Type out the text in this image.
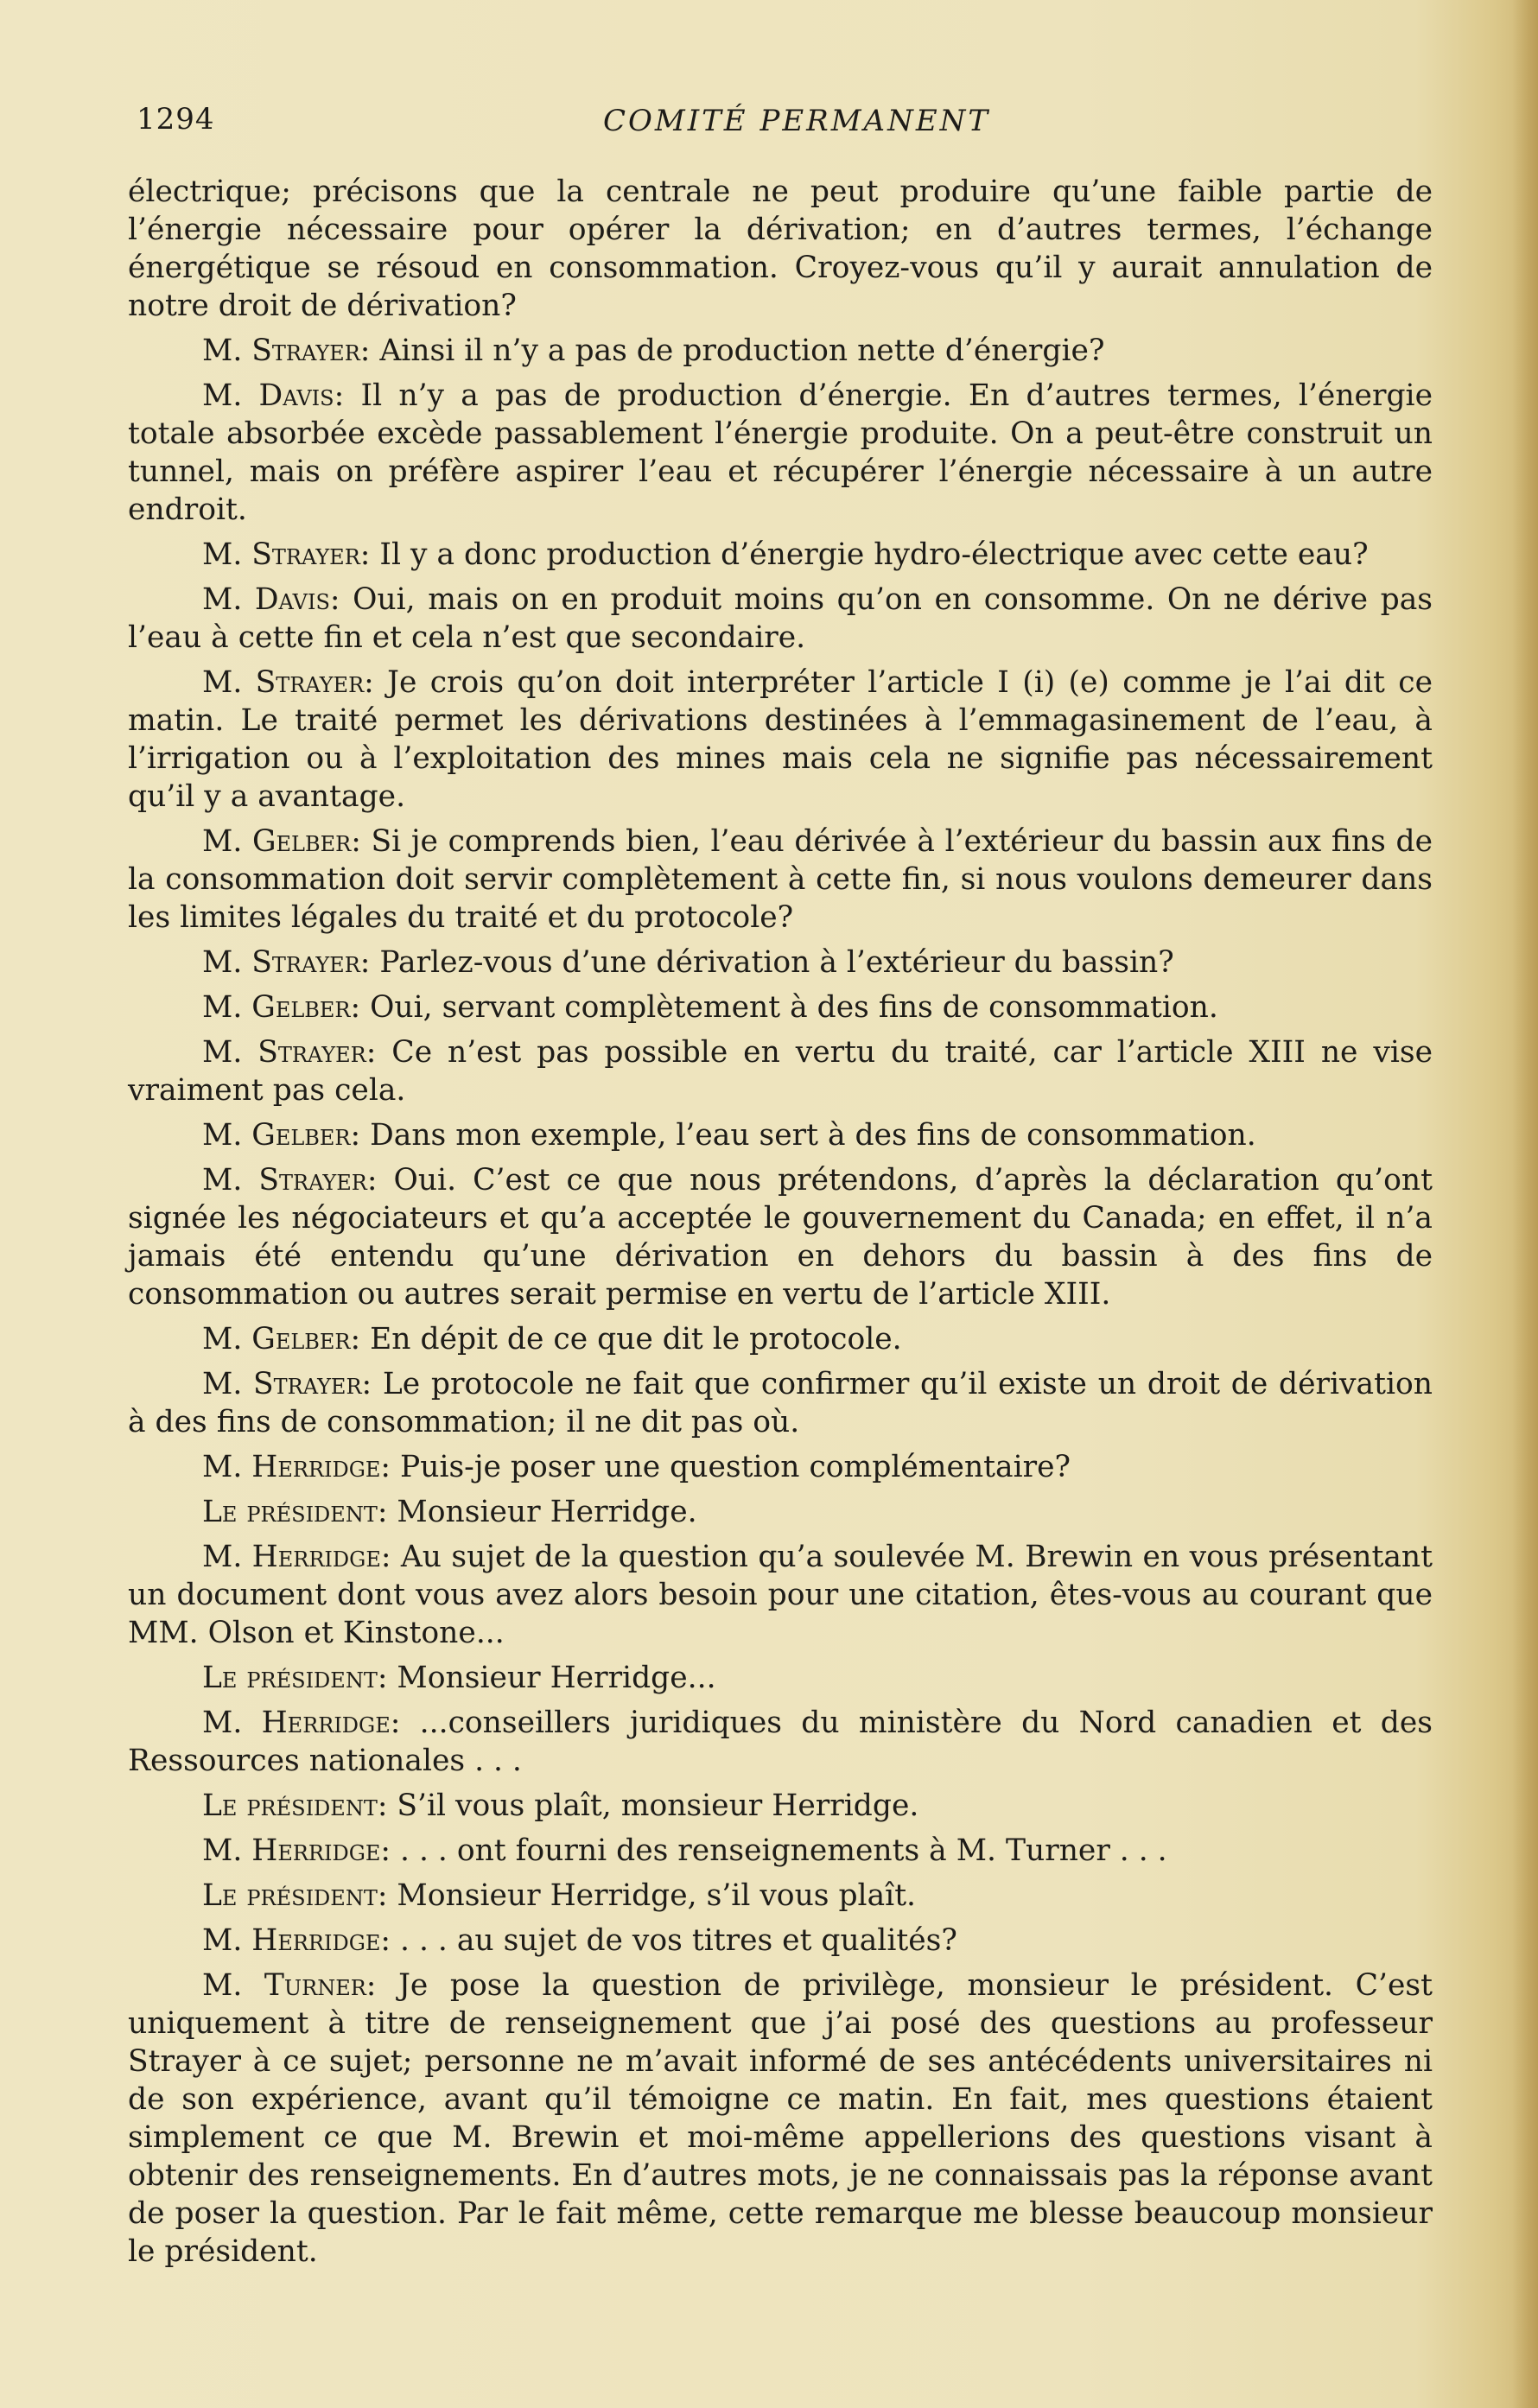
1294	COMITÉ PERMANENT

électrique; précisons que la centrale ne peut produire qu’une faible partie de l’énergie nécessaire pour opérer la dérivation; en d’autres termes, l’échange énergétique se résoud en consommation. Croyez-vous qu’il y aurait annulation de notre droit de dérivation?

M. Strayer: Ainsi il n’y a pas de production nette d’énergie?

M. Davis: Il n’y a pas de production d’énergie. En d’autres termes, l’énergie totale absorbée excède passablement l’énergie produite. On a peut-être construit un tunnel, mais on préfère aspirer l’eau et récupérer l’énergie nécessaire à un autre endroit.

M. Strayer: Il y a donc production d’énergie hydro-électrique avec cette eau?

M. Davis: Oui, mais on en produit moins qu’on en consomme. On ne dérive pas l’eau à cette fin et cela n’est que secondaire.

M. Strayer: Je crois qu’on doit interpréter l’article I (i) (e) comme je l’ai dit ce matin. Le traité permet les dérivations destinées à l’emmagasinement de l’eau, à l’irrigation ou à l’exploitation des mines mais cela ne signifie pas nécessairement qu’il y a avantage.

M. Gelber: Si je comprends bien, l’eau dérivée à l’extérieur du bassin aux fins de la consommation doit servir complètement à cette fin, si nous voulons demeurer dans les limites légales du traité et du protocole?

M. Strayer: Parlez-vous d’une dérivation à l’extérieur du bassin?

M. Gelber: Oui, servant complètement à des fins de consommation.

M. Strayer: Ce n’est pas possible en vertu du traité, car l’article XIII ne vise vraiment pas cela.

M. Gelber: Dans mon exemple, l’eau sert à des fins de consommation.

M. Strayer: Oui. C’est ce que nous prétendons, d’après la déclaration qu’ont signée les négociateurs et qu’a acceptée le gouvernement du Canada; en effet, il n’a jamais été entendu qu’une dérivation en dehors du bassin à des fins de consommation ou autres serait permise en vertu de l’article XIII.

M. Gelber: En dépit de ce que dit le protocole.

M. Strayer: Le protocole ne fait que confirmer qu’il existe un droit de dérivation à des fins de consommation; il ne dit pas où.

M. Herridge: Puis-je poser une question complémentaire?

Le président: Monsieur Herridge.

M. Herridge: Au sujet de la question qu’a soulevée M. Brewin en vous présentant un document dont vous avez alors besoin pour une citation, êtes-vous au courant que MM. Olson et Kinstone...

Le président: Monsieur Herridge...

M. Herridge: ...conseillers juridiques du ministère du Nord canadien et des Ressources nationales . . .

Le président: S’il vous plaît, monsieur Herridge.

M. Herridge: . . . ont fourni des renseignements à M. Turner . . .

Le président: Monsieur Herridge, s’il vous plaît.

M. Herridge: . . . au sujet de vos titres et qualités?

M. Turner: Je pose la question de privilège, monsieur le président. C’est uniquement à titre de renseignement que j’ai posé des questions au professeur Strayer à ce sujet; personne ne m’avait informé de ses antécédents universitaires ni de son expérience, avant qu’il témoigne ce matin. En fait, mes questions étaient simplement ce que M. Brewin et moi-même appellerions des questions visant à obtenir des renseignements. En d’autres mots, je ne connaissais pas la réponse avant de poser la question. Par le fait même, cette remarque me blesse beaucoup monsieur le président.
